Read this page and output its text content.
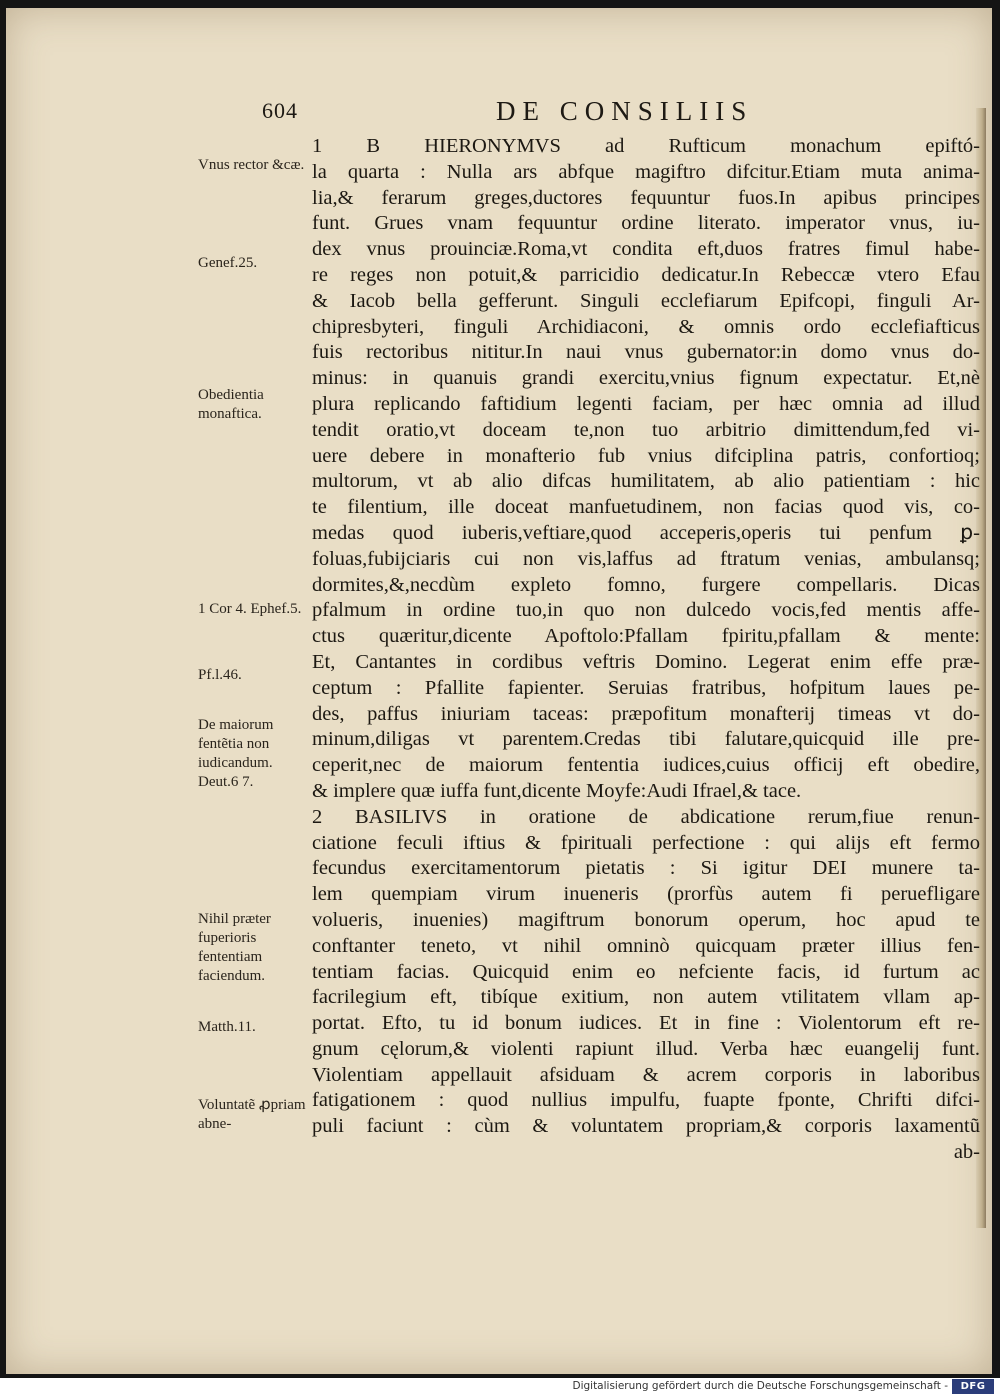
604	DE CONSILIIS
Vnus rector &cæ.
Genef.25.
Obedientia monaftica.
1 Cor 4. Ephef.5.
Pf.l.46.
De maiorum fentẽtia non iudicandum. Deut.6 7.
Nihil præter fuperioris fententiam faciendum.
Matth.11.
Voluntatẽ ꝓpriam abne-
1 B HIERONYMVS ad Rufticum monachum epiftó-
la quarta : Nulla ars abfque magiftro difcitur.Etiam muta anima-
lia,& ferarum greges,ductores fequuntur fuos.In apibus principes
funt. Grues vnam fequuntur ordine literato. imperator vnus, iu-
dex vnus prouinciæ.Roma,vt condita eft,duos fratres fimul habe-
re reges non potuit,& parricidio dedicatur.In Rebeccæ vtero Efau
& Iacob bella gefferunt. Singuli ecclefiarum Epifcopi, finguli Ar-
chipresbyteri, finguli Archidiaconi, & omnis ordo ecclefiafticus
fuis rectoribus nititur.In naui vnus gubernator:in domo vnus do-
minus: in quanuis grandi exercitu,vnius fignum expectatur. Et,nè
plura replicando faftidium legenti faciam, per hæc omnia ad illud
tendit oratio,vt doceam te,non tuo arbitrio dimittendum,fed vi-
uere debere in monafterio fub vnius difciplina patris, confortioq;
multorum, vt ab alio difcas humilitatem, ab alio patientiam : hic
te filentium, ille doceat manfuetudinem, non facias quod vis, co-
medas quod iuberis,veftiare,quod acceperis,operis tui penfum ꝑ-
foluas,fubijciaris cui non vis,laffus ad ftratum venias, ambulansq;
dormites,&,necdùm expleto fomno, furgere compellaris. Dicas
pfalmum in ordine tuo,in quo non dulcedo vocis,fed mentis affe-
ctus quæritur,dicente Apoftolo:Pfallam fpiritu,pfallam & mente:
Et, Cantantes in cordibus veftris Domino. Legerat enim effe præ-
ceptum : Pfallite fapienter. Seruias fratribus, hofpitum laues pe-
des, paffus iniuriam taceas: præpofitum monafterij timeas vt do-
minum,diligas vt parentem.Credas tibi falutare,quicquid ille pre-
ceperit,nec de maiorum fententia iudices,cuius officij eft obedire,
& implere quæ iuffa funt,dicente Moyfe:Audi Ifrael,& tace.
2 BASILIVS in oratione de abdicatione rerum,fiue renun-
ciatione feculi iftius & fpirituali perfectione : qui alijs eft fermo
fecundus exercitamentorum pietatis : Si igitur DEI munere ta-
lem quempiam virum inueneris (prorfùs autem fi peruefligare
volueris, inuenies) magiftrum bonorum operum, hoc apud te
conftanter teneto, vt nihil omninò quicquam præter illius fen-
tentiam facias. Quicquid enim eo nefciente facis, id furtum ac
facrilegium eft, tibíque exitium, non autem vtilitatem vllam ap-
portat. Efto, tu id bonum iudices. Et in fine : Violentorum eft re-
gnum cęlorum,& violenti rapiunt illud. Verba hæc euangelij funt.
Violentiam appellauit afsiduam & acrem corporis in laboribus
fatigationem : quod nullius impulfu, fuapte fponte, Chrifti difci-
puli faciunt : cùm & voluntatem propriam,& corporis laxamentũ
ab-
Digitalisierung gefördert durch die Deutsche Forschungsgemeinschaft -	DFG
